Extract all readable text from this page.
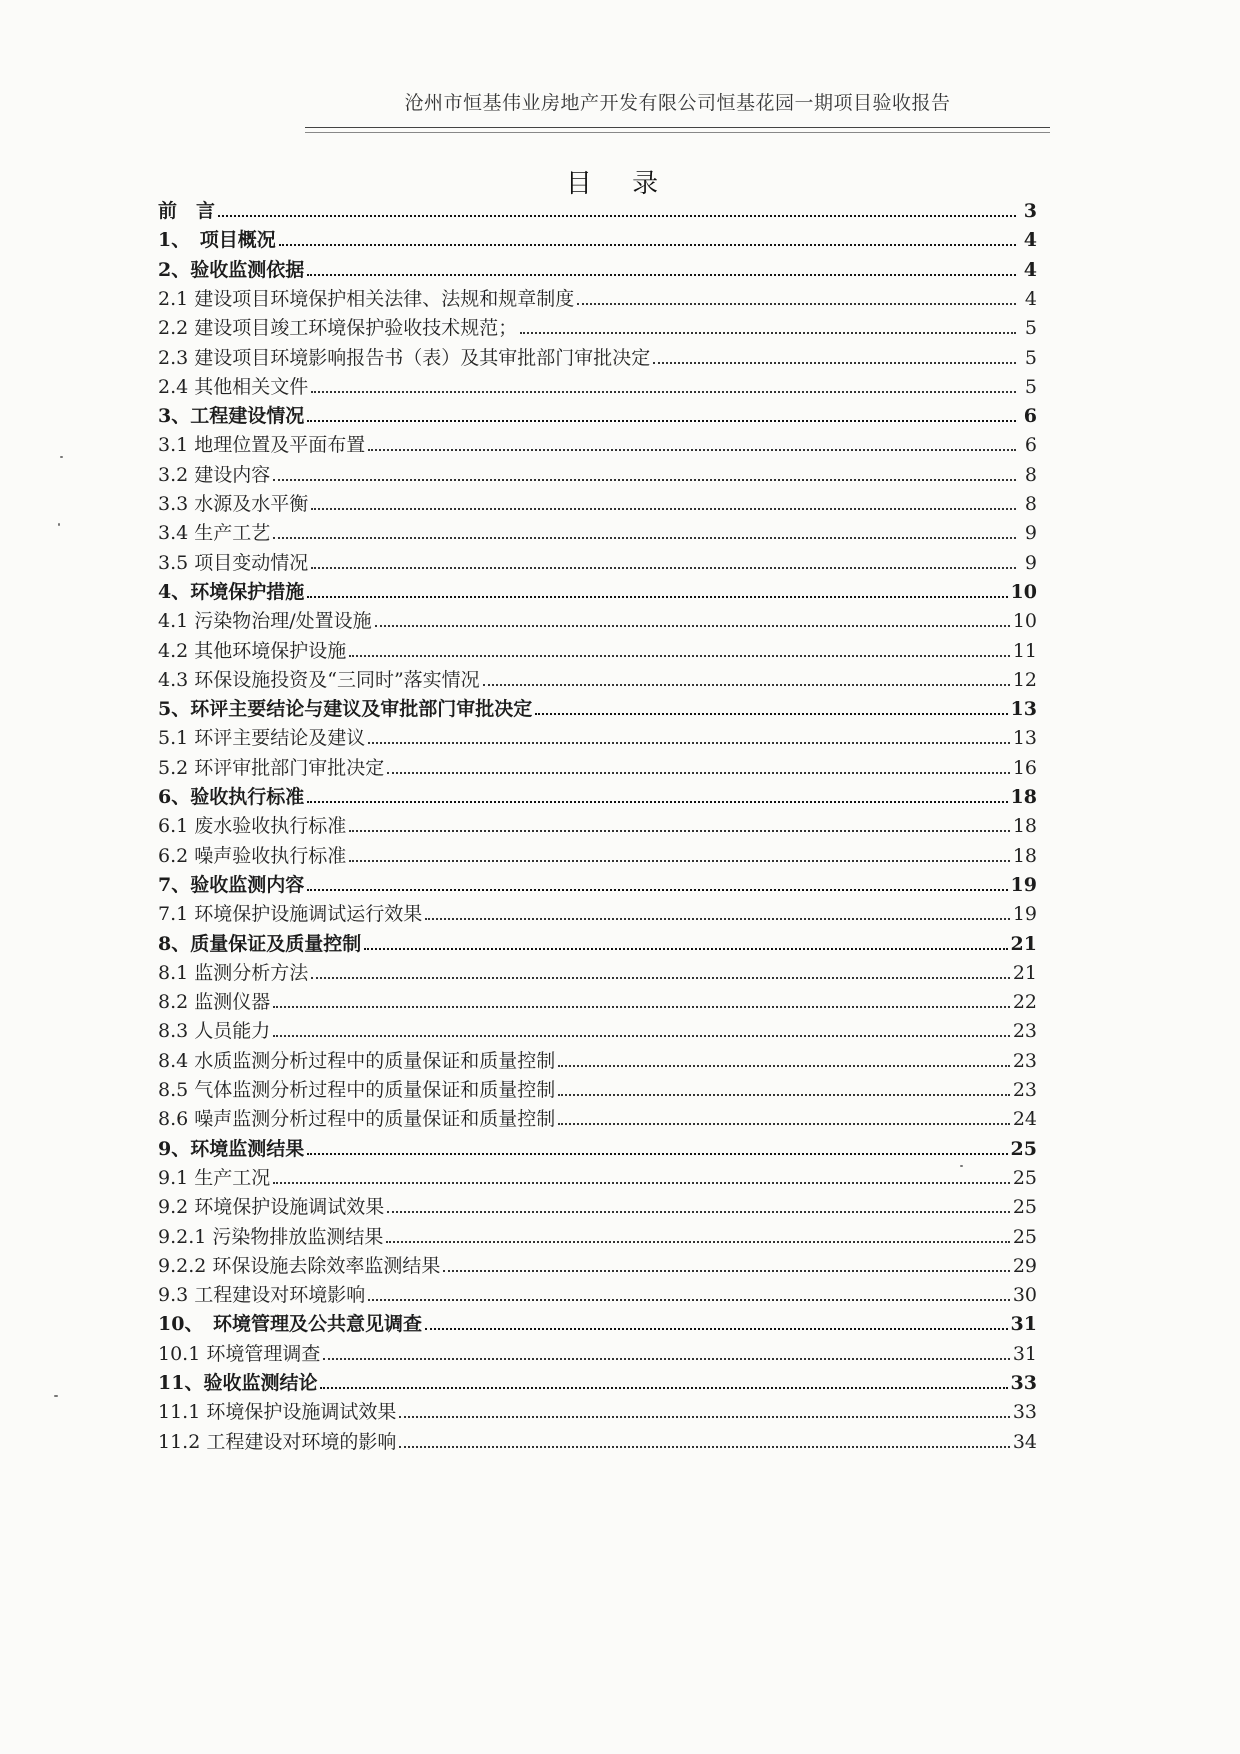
沧州市恒基伟业房地产开发有限公司恒基花园一期项目验收报告
目 录
前　言	3
1、　项目概况	4
2、验收监测依据	4
2.1 建设项目环境保护相关法律、法规和规章制度	4
2.2 建设项目竣工环境保护验收技术规范；	5
2.3 建设项目环境影响报告书（表）及其审批部门审批决定	5
2.4 其他相关文件	5
3、工程建设情况	6
3.1 地理位置及平面布置	6
3.2 建设内容	8
3.3 水源及水平衡	8
3.4 生产工艺	9
3.5 项目变动情况	9
4、环境保护措施	10
4.1 污染物治理/处置设施	10
4.2 其他环境保护设施	11
4.3 环保设施投资及“三同时”落实情况	12
5、环评主要结论与建议及审批部门审批决定	13
5.1 环评主要结论及建议	13
5.2 环评审批部门审批决定	16
6、验收执行标准	18
6.1 废水验收执行标准	18
6.2 噪声验收执行标准	18
7、验收监测内容	19
7.1 环境保护设施调试运行效果	19
8、质量保证及质量控制	21
8.1 监测分析方法	21
8.2 监测仪器	22
8.3 人员能力	23
8.4 水质监测分析过程中的质量保证和质量控制	23
8.5 气体监测分析过程中的质量保证和质量控制	23
8.6 噪声监测分析过程中的质量保证和质量控制	24
9、环境监测结果	25
9.1 生产工况	25
9.2 环境保护设施调试效果	25
9.2.1 污染物排放监测结果	25
9.2.2 环保设施去除效率监测结果	29
9.3 工程建设对环境影响	30
10、　环境管理及公共意见调查	31
10.1 环境管理调查	31
11、验收监测结论	33
11.1 环境保护设施调试效果	33
11.2 工程建设对环境的影响	34
